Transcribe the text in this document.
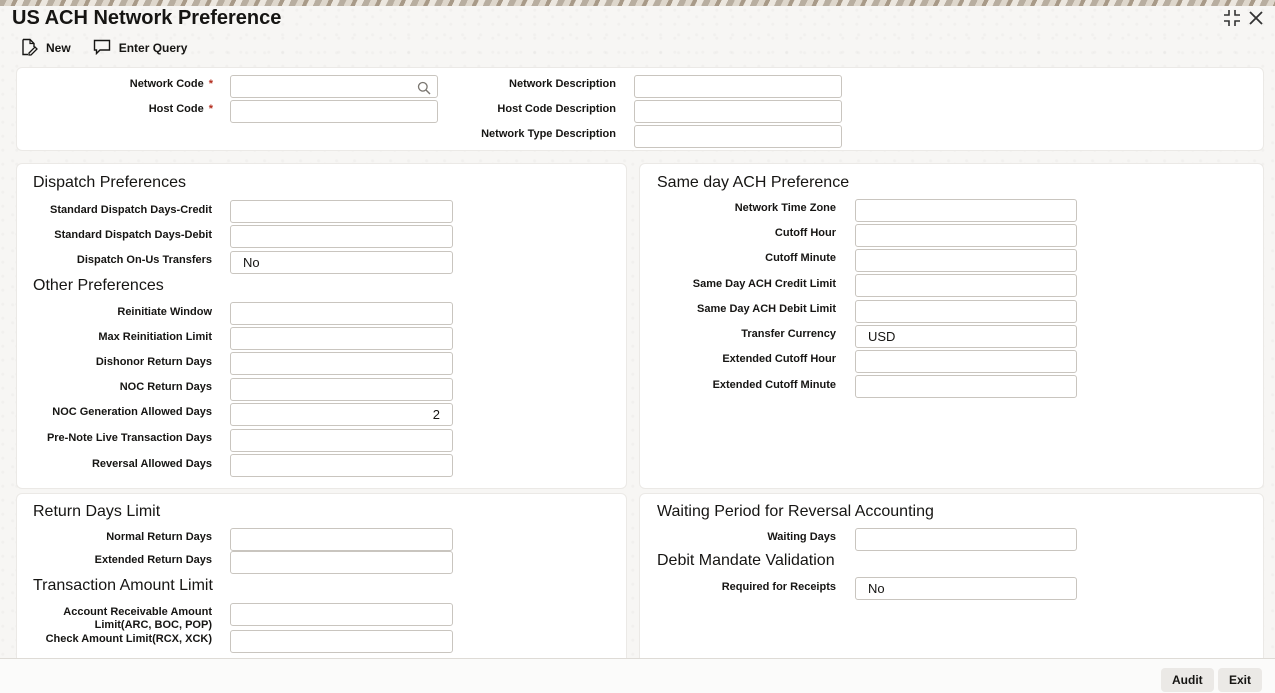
US ACH Network Preference
New	Enter Query
Network Code *
Host Code *
Network Description
Host Code Description
Network Type Description
Dispatch Preferences
Standard Dispatch Days-Credit
Standard Dispatch Days-Debit
Dispatch On-Us Transfers	No
Other Preferences
Reinitiate Window
Max Reinitiation Limit
Dishonor Return Days
NOC Return Days
NOC Generation Allowed Days	2
Pre-Note Live Transaction Days
Reversal Allowed Days
Same day ACH Preference
Network Time Zone
Cutoff Hour
Cutoff Minute
Same Day ACH Credit Limit
Same Day ACH Debit Limit
Transfer Currency	USD
Extended Cutoff Hour
Extended Cutoff Minute
Return Days Limit
Normal Return Days
Extended Return Days
Transaction Amount Limit
Account Receivable Amount
Limit(ARC, BOC, POP)
Check Amount Limit(RCX, XCK)
Waiting Period for Reversal Accounting
Waiting Days
Debit Mandate Validation
Required for Receipts	No
Audit	Exit
